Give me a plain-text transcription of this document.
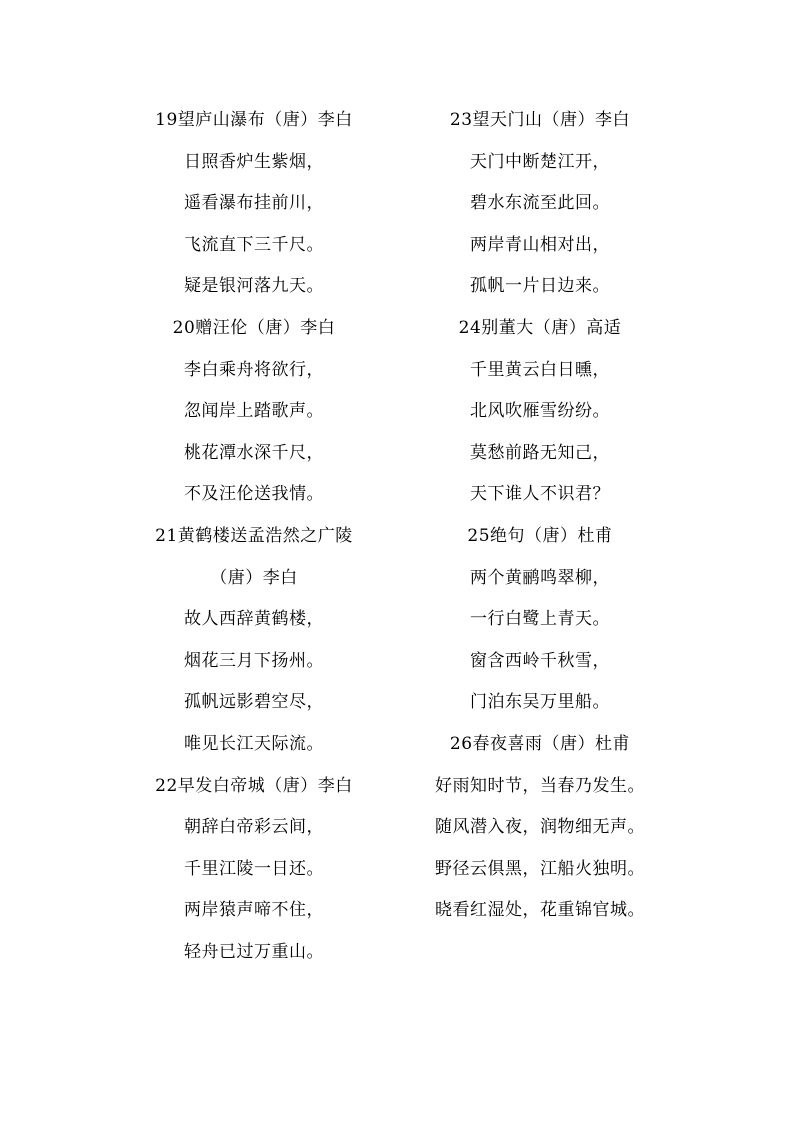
19望庐山瀑布（唐）李白
日照香炉生紫烟，
遥看瀑布挂前川，
飞流直下三千尺。
疑是银河落九天。
20赠汪伦（唐）李白
李白乘舟将欲行，
忽闻岸上踏歌声。
桃花潭水深千尺，
不及汪伦送我情。
21黄鹤楼送孟浩然之广陵
（唐）李白
故人西辞黄鹤楼，
烟花三月下扬州。
孤帆远影碧空尽，
唯见长江天际流。
22早发白帝城（唐）李白
朝辞白帝彩云间，
千里江陵一日还。
两岸猿声啼不住，
轻舟已过万重山。
23望天门山（唐）李白
天门中断楚江开，
碧水东流至此回。
两岸青山相对出，
孤帆一片日边来。
24别董大（唐）高适
千里黄云白日曛，
北风吹雁雪纷纷。
莫愁前路无知己，
天下谁人不识君？
25绝句（唐）杜甫
两个黄鹂鸣翠柳，
一行白鹭上青天。
窗含西岭千秋雪，
门泊东吴万里船。
26春夜喜雨（唐）杜甫
好雨知时节，当春乃发生。
随风潜入夜，润物细无声。
野径云俱黑，江船火独明。
晓看红湿处，花重锦官城。
